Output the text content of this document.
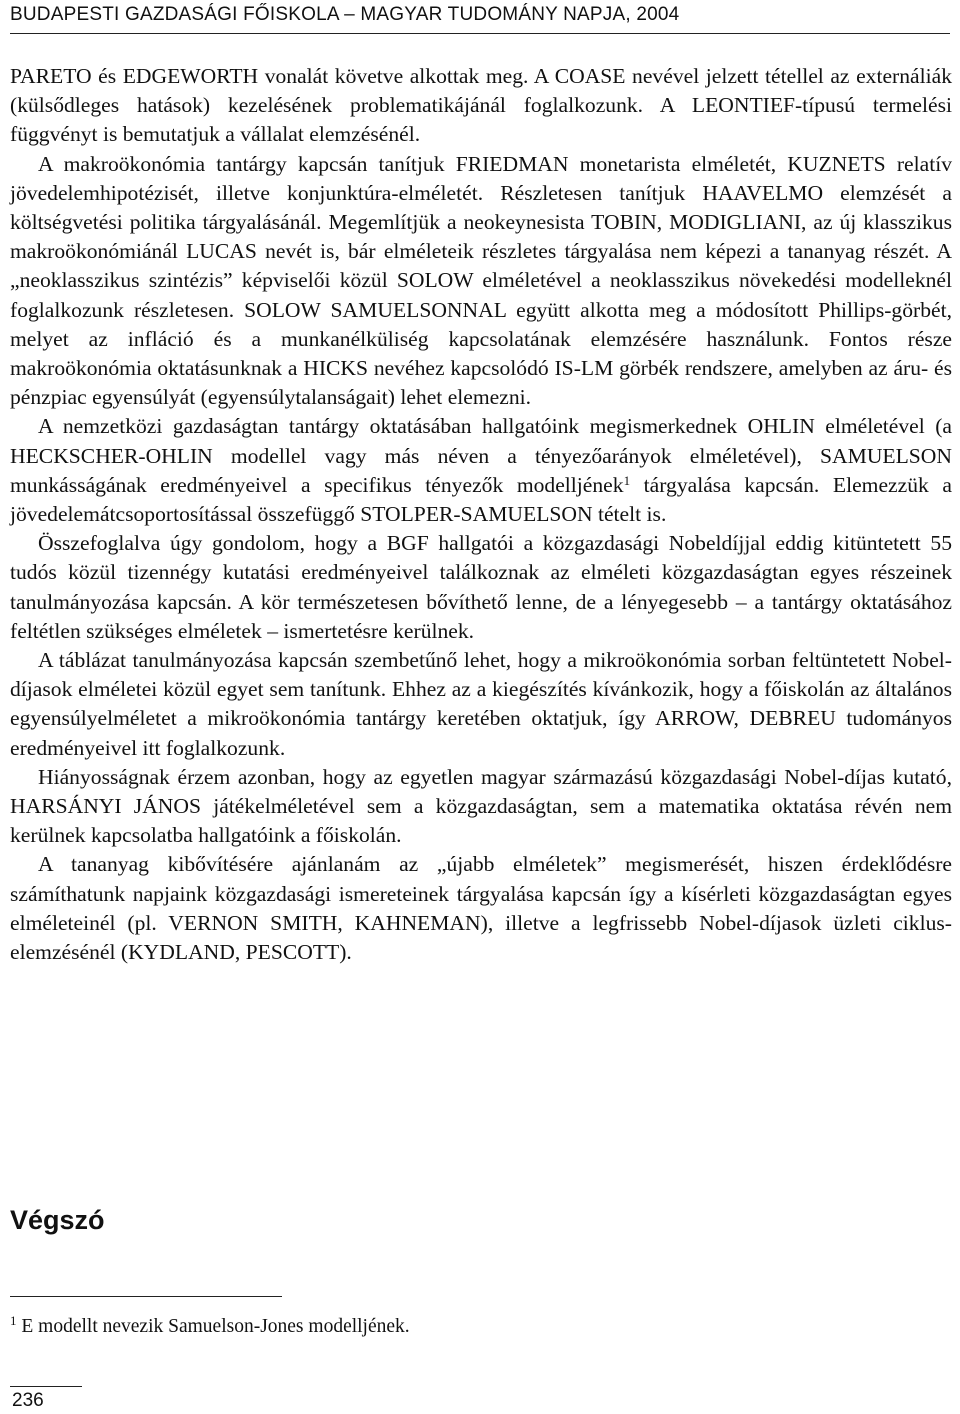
BUDAPESTI GAZDASÁGI FŐISKOLA – MAGYAR TUDOMÁNY NAPJA, 2004

PARETO és EDGEWORTH vonalát követve alkottak meg. A COASE nevével jelzett tétellel az externáliák (külsődleges hatások) kezelésének problematikájánál foglalkozunk. A LEONTIEF-típusú termelési függvényt is bemutatjuk a vállalat elemzésénél.

A makroökonómia tantárgy kapcsán tanítjuk FRIEDMAN monetarista elméletét, KUZNETS relatív jövedelemhipotézisét, illetve konjunktúra-elméletét. Részletesen tanítjuk HAAVELMO elemzését a költségvetési politika tárgyalásánál. Megemlítjük a neokeynesista TOBIN, MODIGLIANI, az új klasszikus makroökonómiánál LUCAS nevét is, bár elméleteik részletes tárgyalása nem képezi a tananyag részét. A „neoklasszikus szintézis” képviselői közül SOLOW elméletével a neoklasszikus növekedési modelleknél foglalkozunk részletesen. SOLOW SAMUELSONNAL együtt alkotta meg a módosított Phillips-görbét, melyet az infláció és a munkanélküliség kapcsolatának elemzésére használunk. Fontos része makroökonómia oktatásunknak a HICKS nevéhez kapcsolódó IS-LM görbék rendszere, amelyben az áru- és pénzpiac egyensúlyát (egyensúlytalanságait) lehet elemezni.

A nemzetközi gazdaságtan tantárgy oktatásában hallgatóink megismerkednek OHLIN elméletével (a HECKSCHER-OHLIN modellel vagy más néven a tényezőarányok elméletével), SAMUELSON munkásságának eredményeivel a specifikus tényezők modelljének$^1$ tárgyalása kapcsán. Elemezzük a jövedelemátcsoportosítással összefüggő STOLPER-SAMUELSON tételt is.

Összefoglalva úgy gondolom, hogy a BGF hallgatói a közgazdasági Nobeldíjjal eddig kitüntetett 55 tudós közül tizennégy kutatási eredményeivel találkoznak az elméleti közgazdaságtan egyes részeinek tanulmányozása kapcsán. A kör természetesen bővíthető lenne, de a lényegesebb – a tantárgy oktatásához feltétlen szükséges elméletek – ismertetésre kerülnek.

A táblázat tanulmányozása kapcsán szembetűnő lehet, hogy a mikroökonómia sorban feltüntetett Nobel-díjasok elméletei közül egyet sem tanítunk. Ehhez az a kiegészítés kívánkozik, hogy a főiskolán az általános egyensúlyelméletet a mikroökonómia tantárgy keretében oktatjuk, így ARROW, DEBREU tudományos eredményeivel itt foglalkozunk.

Hiányosságnak érzem azonban, hogy az egyetlen magyar származású közgazdasági Nobel-díjas kutató, HARSÁNYI JÁNOS játékelméletével sem a közgazdaságtan, sem a matematika oktatása révén nem kerülnek kapcsolatba hallgatóink a főiskolán.

A tananyag kibővítésére ajánlanám az „újabb elméletek” megismerését, hiszen érdeklődésre számíthatunk napjaink közgazdasági ismereteinek tárgyalása kapcsán így a kísérleti közgazdaságtan egyes elméleteinél (pl. VERNON SMITH, KAHNEMAN), illetve a legfrissebb Nobel-díjasok üzleti ciklus-elemzésénél (KYDLAND, PESCOTT).

Végszó
$^1$ E modellt nevezik Samuelson-Jones modelljének.
236
